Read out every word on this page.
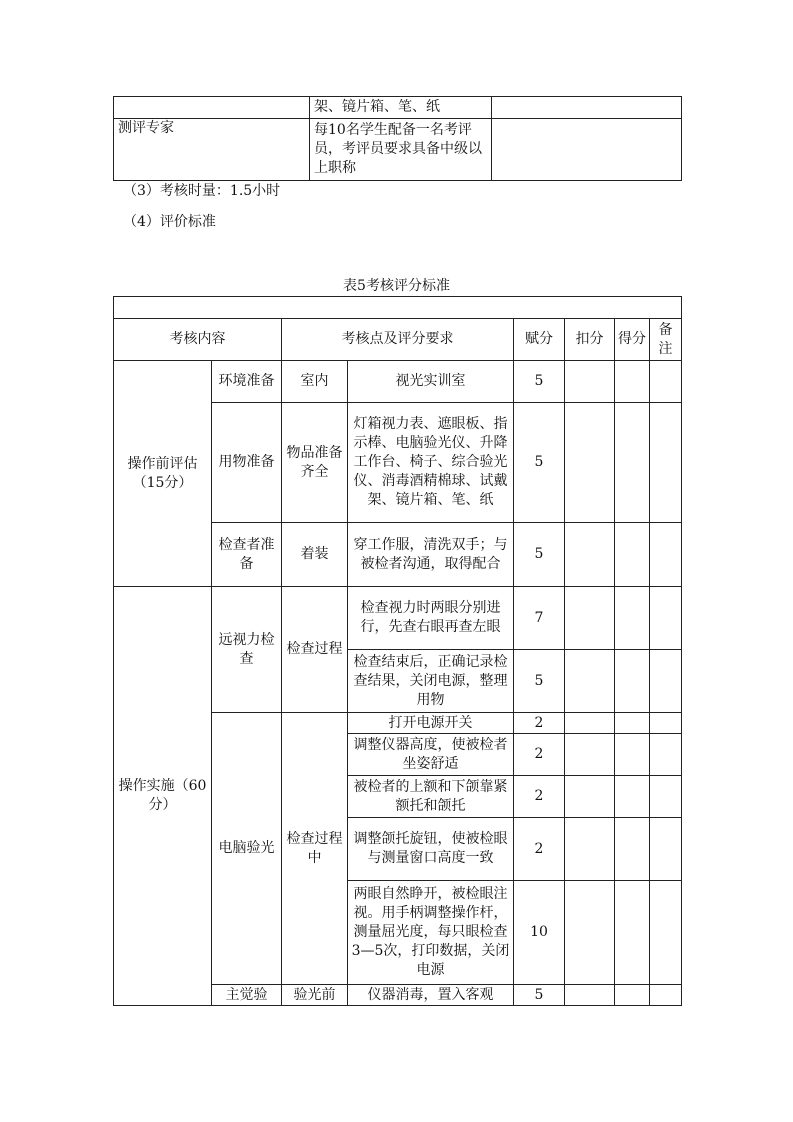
	架、镜片箱、笔、纸	
测评专家	每10名学生配备一名考评员，考评员要求具备中级以上职称	
（3）考核时量：1.5小时
（4）评价标准
表5考核评分标准

考核内容		考核点及评分要求		赋分	扣分	得分	备注
操作前评估（15分）	环境准备	室内	视光实训室	5			
	用物准备	物品准备齐全	灯箱视力表、遮眼板、指示棒、电脑验光仪、升降工作台、椅子、综合验光仪、消毒酒精棉球、试戴架、镜片箱、笔、纸	5			
	检查者准备	着装	穿工作服，清洗双手；与被检者沟通，取得配合	5			
操作实施（60分）	远视力检查	检查过程	检查视力时两眼分别进行，先查右眼再查左眼	7			
			检查结束后，正确记录检查结果，关闭电源，整理用物	5			
	电脑验光	检查过程中	打开电源开关	2			
			调整仪器高度，使被检者坐姿舒适	2			
			被检者的上额和下颌靠紧额托和颌托	2			
			调整颌托旋钮，使被检眼与测量窗口高度一致	2			
			两眼自然睁开，被检眼注视。用手柄调整操作杆，测量屈光度，每只眼检查3—5次，打印数据，关闭电源	10			
	主觉验	验光前	仪器消毒，置入客观	5			
